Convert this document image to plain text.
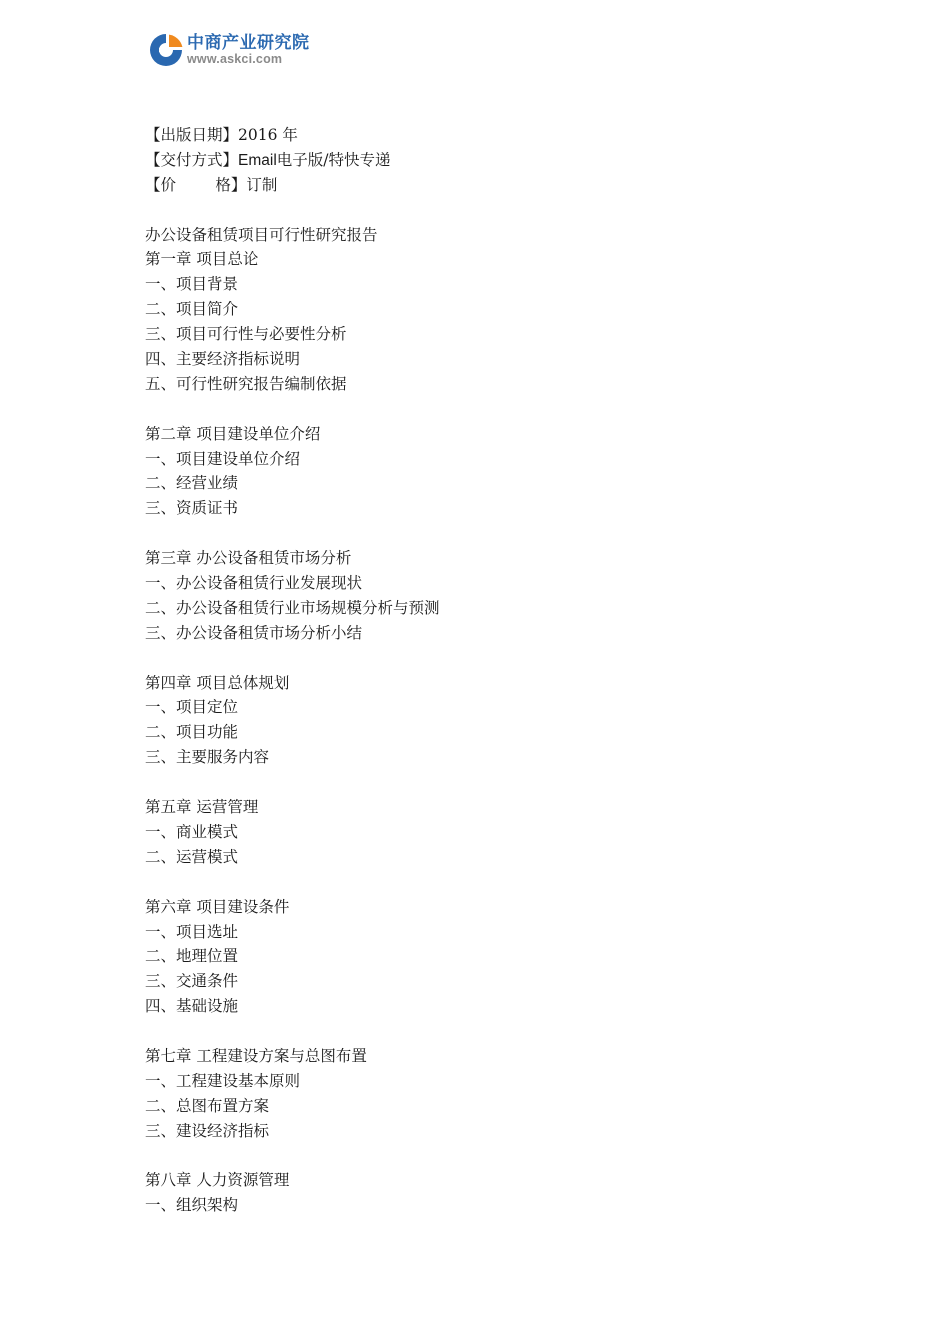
中商产业研究院
www.askci.com
【出版日期】2016 年
【交付方式】Email电子版/特快专递
【价        格】订制
办公设备租赁项目可行性研究报告
第一章 项目总论
一、项目背景
二、项目简介
三、项目可行性与必要性分析
四、主要经济指标说明
五、可行性研究报告编制依据
第二章 项目建设单位介绍
一、项目建设单位介绍
二、经营业绩
三、资质证书
第三章 办公设备租赁市场分析
一、办公设备租赁行业发展现状
二、办公设备租赁行业市场规模分析与预测
三、办公设备租赁市场分析小结
第四章 项目总体规划
一、项目定位
二、项目功能
三、主要服务内容
第五章 运营管理
一、商业模式
二、运营模式
第六章 项目建设条件
一、项目选址
二、地理位置
三、交通条件
四、基础设施
第七章 工程建设方案与总图布置
一、工程建设基本原则
二、总图布置方案
三、建设经济指标
第八章 人力资源管理
一、组织架构
